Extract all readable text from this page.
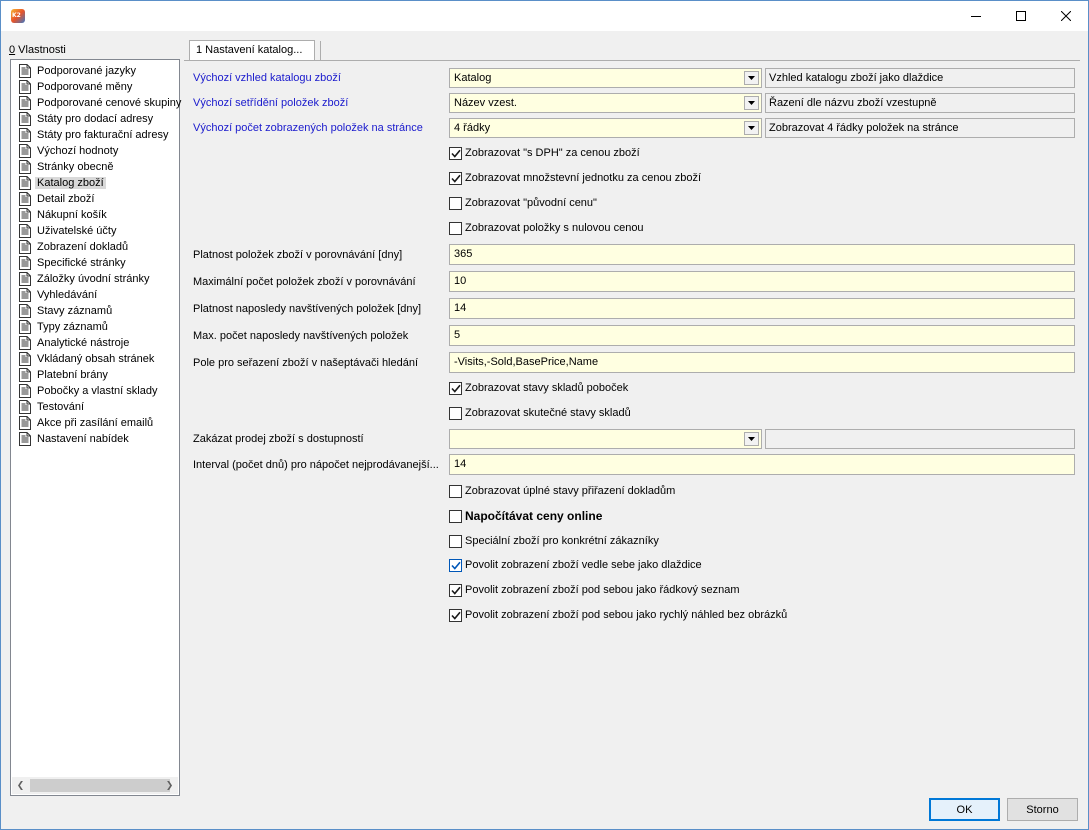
K2
0 Vlastnosti
Podporované jazyky
Podporované měny
Podporované cenové skupiny
Státy pro dodací adresy
Státy pro fakturační adresy
Výchozí hodnoty
Stránky obecně
Katalog zboží
Detail zboží
Nákupní košík
Uživatelské účty
Zobrazení dokladů
Specifické stránky
Záložky úvodní stránky
Vyhledávání
Stavy záznamů
Typy záznamů
Analytické nástroje
Vkládaný obsah stránek
Platební brány
Pobočky a vlastní sklady
Testování
Akce při zasílání emailů
Nastavení nabídek
❮	❯
1 Nastavení katalog...
Výchozí vzhled katalogu zboží	Katalog	Vzhled katalogu zboží jako dlaždice
Výchozí setřídění položek zboží	Název vzest.	Řazení dle názvu zboží vzestupně
Výchozí počet zobrazených položek na stránce	4 řádky	Zobrazovat 4 řádky položek na stránce
Zobrazovat "s DPH" za cenou zboží
Zobrazovat množstevní jednotku za cenou zboží
Zobrazovat "původní cenu"
Zobrazovat položky s nulovou cenou
Platnost položek zboží v porovnávání [dny]	365
Maximální počet položek zboží v porovnávání	10
Platnost naposledy navštívených položek [dny]	14
Max. počet naposledy navštívených položek	5
Pole pro seřazení zboží v našeptávači hledání	-Visits,-Sold,BasePrice,Name
Zobrazovat stavy skladů poboček
Zobrazovat skutečné stavy skladů
Zakázat prodej zboží s dostupností
Interval (počet dnů) pro nápočet nejprodávanejší...	14
Zobrazovat úplné stavy přiřazení dokladům
Napočítávat ceny online
Speciální zboží pro konkrétní zákazníky
Povolit zobrazení zboží vedle sebe jako dlaždice
Povolit zobrazení zboží pod sebou jako řádkový seznam
Povolit zobrazení zboží pod sebou jako rychlý náhled bez obrázků
OK	Storno
